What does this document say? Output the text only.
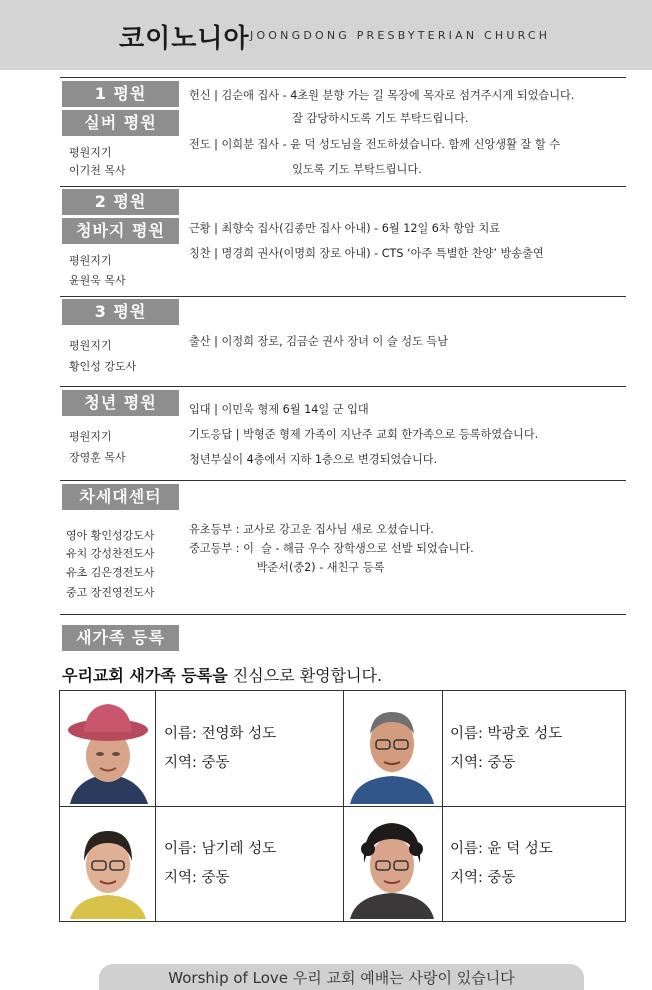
코이노니아 JOONGDONG PRESBYTERIAN CHURCH
1 평원
실버 평원
평원지기
이기천 목사
헌신 | 김순애 집사 - 4초원 분향 가는 길 목장에 목자로 섬겨주시게 되었습니다.
잘 감당하시도록 기도 부탁드립니다.
전도 | 이희분 집사 - 윤 덕 성도님을 전도하셨습니다. 함께 신앙생활 잘 할 수
있도록 기도 부탁드립니다.
2 평원
청바지 평원
평원지기
윤원욱 목사
근황 | 최향숙 집사(김종만 집사 아내) - 6월 12일 6차 항암 치료
칭찬 | 명경희 권사(이명희 장로 아내) - CTS ‘아주 특별한 찬양’ 방송출연
3 평원
평원지기
황인성 강도사
출산 | 이정희 장로, 김금순 권사 장녀 이 슬 성도 득남
청년 평원
평원지기
장영훈 목사
입대 | 이민욱 형제 6월 14일 군 입대
기도응답 | 박형준 형제 가족이 지난주 교회 한가족으로 등록하였습니다.
청년부실이 4층에서 지하 1층으로 변경되었습니다.
차세대센터
영아 황인성강도사
유치 강성찬전도사
유초 김은경전도사
중고 장진영전도사
유초등부 : 교사로 강고운 집사님 새로 오셨습니다.
중고등부 : 이  슬 - 해금 우수 장학생으로 선발 되었습니다.
박준서(중2) - 새친구 등록
새가족 등록
우리교회 새가족 등록을 진심으로 환영합니다.
이름: 전영화 성도
지역: 중동
이름: 박광호 성도
지역: 중동
이름: 남기레 성도
지역: 중동
이름: 윤 덕 성도
지역: 중동
Worship of Love 우리 교회 예배는 사랑이 있습니다
